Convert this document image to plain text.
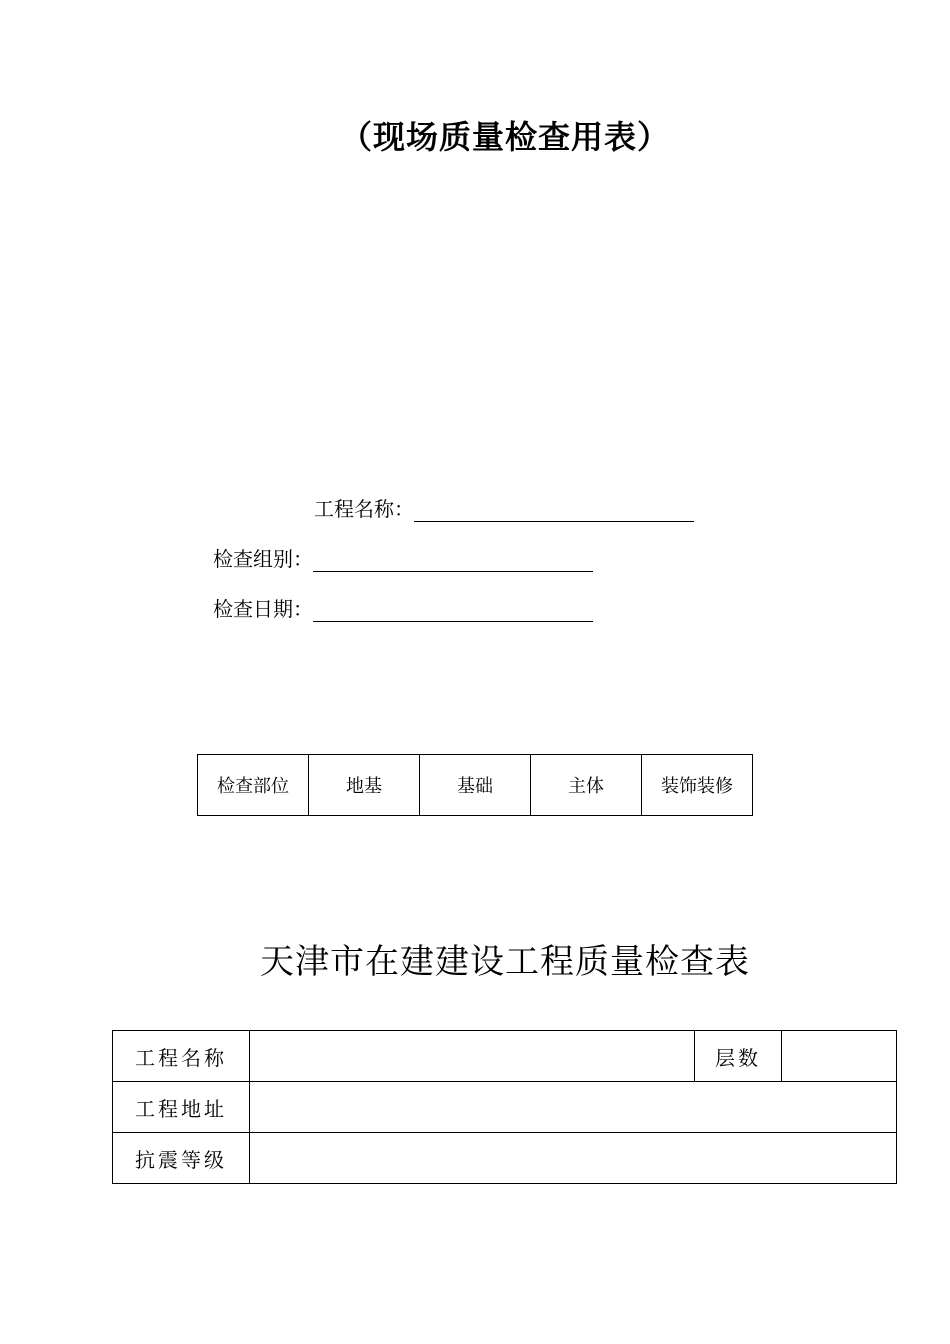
（现场质量检查用表）
工程名称：
检查组别：
检查日期：
检查部位	地基	基础	主体	装饰装修
天津市在建建设工程质量检查表
工程名称		层数	
工程地址			
抗震等级			
